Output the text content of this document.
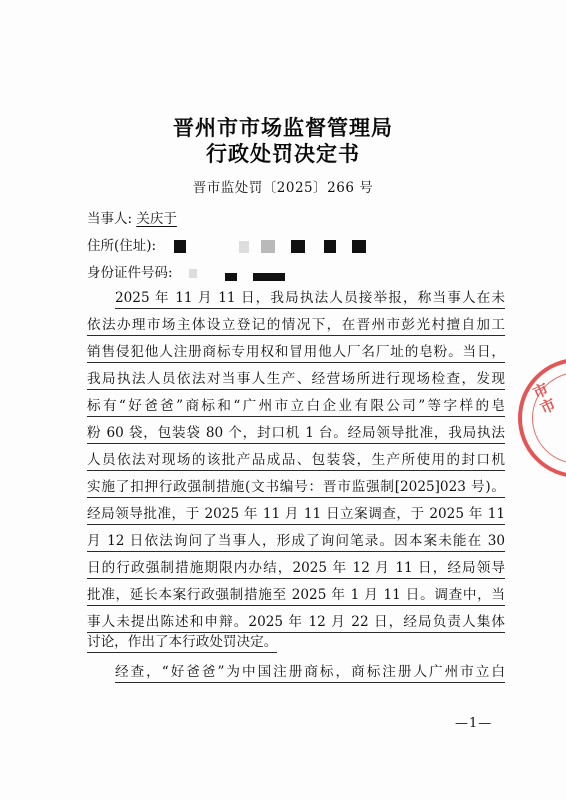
晋州市市场监督管理局
行政处罚决定书
晋市监处罚〔2025〕266 号
当事人: 关庆于
住所(住址):
身份证件号码:
2025 年 11 月 11 日，我局执法人员接举报，称当事人在未
依法办理市场主体设立登记的情况下，在晋州市彭光村擅自加工
销售侵犯他人注册商标专用权和冒用他人厂名厂址的皂粉。当日，
我局执法人员依法对当事人生产、经营场所进行现场检查，发现
标有“好爸爸”商标和“广州市立白企业有限公司”等字样的皂
粉 60 袋，包装袋 80 个，封口机 1 台。经局领导批准，我局执法
人员依法对现场的该批产品成品、包装袋，生产所使用的封口机
实施了扣押行政强制措施(文书编号：晋市监强制[2025]023 号)。
经局领导批准，于 2025 年 11 月 11 日立案调查，于 2025 年 11
月 12 日依法询问了当事人，形成了询问笔录。因本案未能在 30
日的行政强制措施期限内办结，2025 年 12 月 11 日，经局领导
批准，延长本案行政强制措施至 2025 年 1 月 11 日。调查中，当
事人未提出陈述和申辩。2025 年 12 月 22 日，经局负责人集体
讨论，作出了本行政处罚决定。
经查，“好爸爸”为中国注册商标，商标注册人广州市立白
—1—
市市
